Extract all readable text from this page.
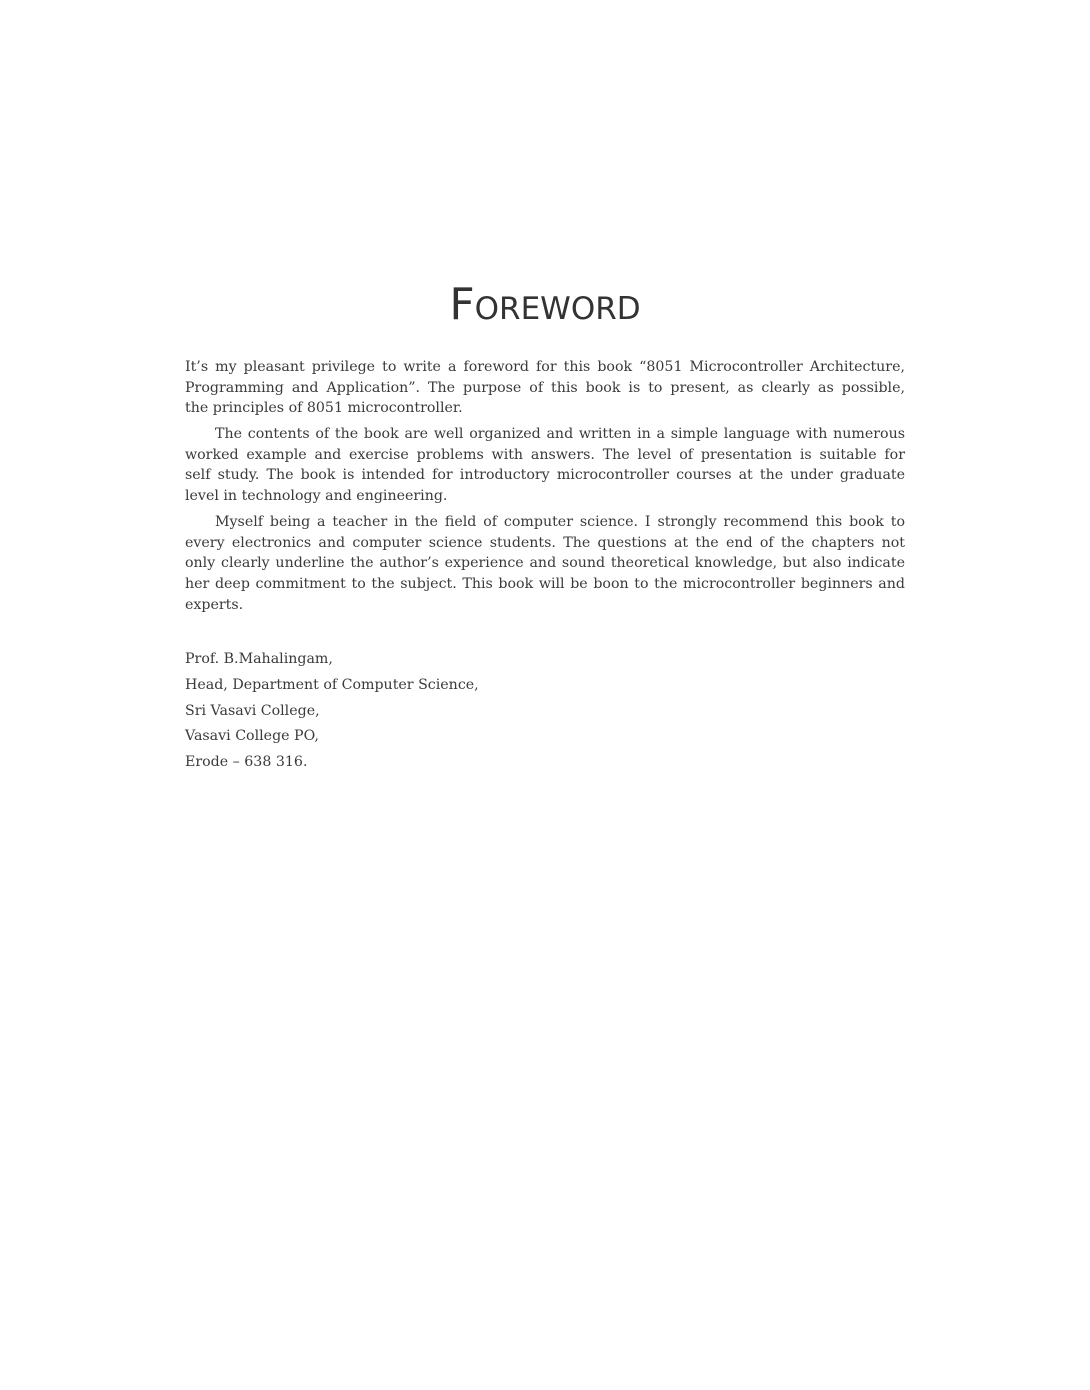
Foreword
It’s my pleasant privilege to write a foreword for this book “8051 Microcontroller Architecture,
Programming and Application”. The purpose of this book is to present, as clearly as possible,
the principles of 8051 microcontroller.
The contents of the book are well organized and written in a simple language with numerous
worked example and exercise problems with answers. The level of presentation is suitable for
self study. The book is intended for introductory microcontroller courses at the under graduate
level in technology and engineering.
Myself being a teacher in the field of computer science. I strongly recommend this book to
every electronics and computer science students. The questions at the end of the chapters not
only clearly underline the author’s experience and sound theoretical knowledge, but also indicate
her deep commitment to the subject. This book will be boon to the microcontroller beginners and
experts.
Prof. B.Mahalingam,
Head, Department of Computer Science,
Sri Vasavi College,
Vasavi College PO,
Erode – 638 316.
